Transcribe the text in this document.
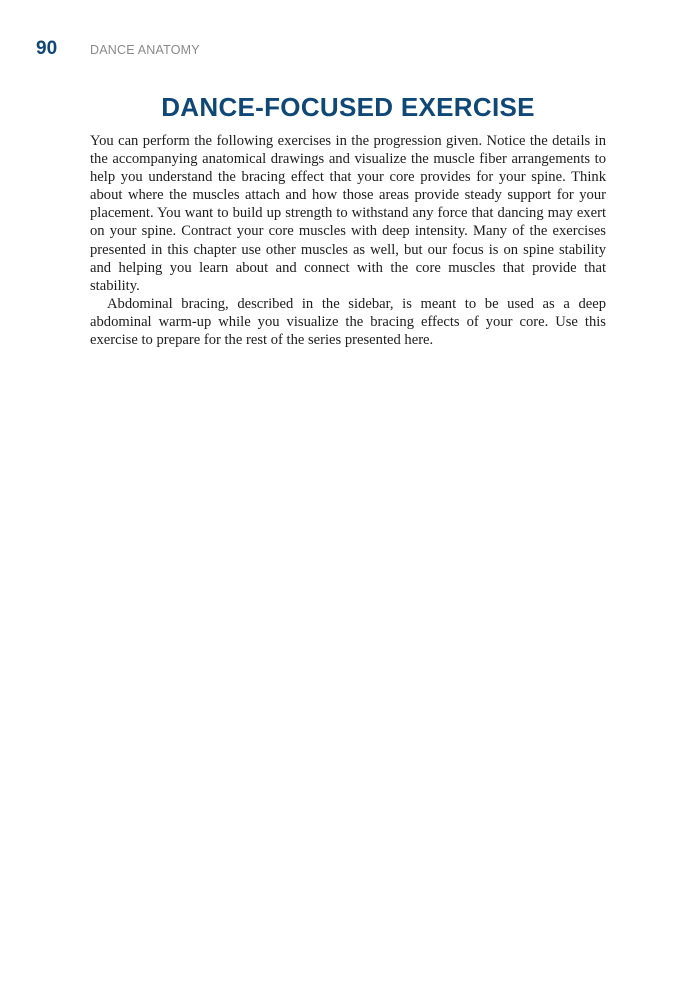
90	DANCE ANATOMY
DANCE-FOCUSED EXERCISE

You can perform the following exercises in the progression given. Notice the details in the accompanying anatomical drawings and visualize the muscle fiber arrangements to help you understand the bracing effect that your core provides for your spine. Think about where the muscles attach and how those areas provide steady support for your placement. You want to build up strength to withstand any force that dancing may exert on your spine. Contract your core muscles with deep intensity. Many of the exercises presented in this chapter use other muscles as well, but our focus is on spine stability and helping you learn about and connect with the core muscles that provide that stability.

Abdominal bracing, described in the sidebar, is meant to be used as a deep abdominal warm-up while you visualize the bracing effects of your core. Use this exercise to prepare for the rest of the series presented here.
